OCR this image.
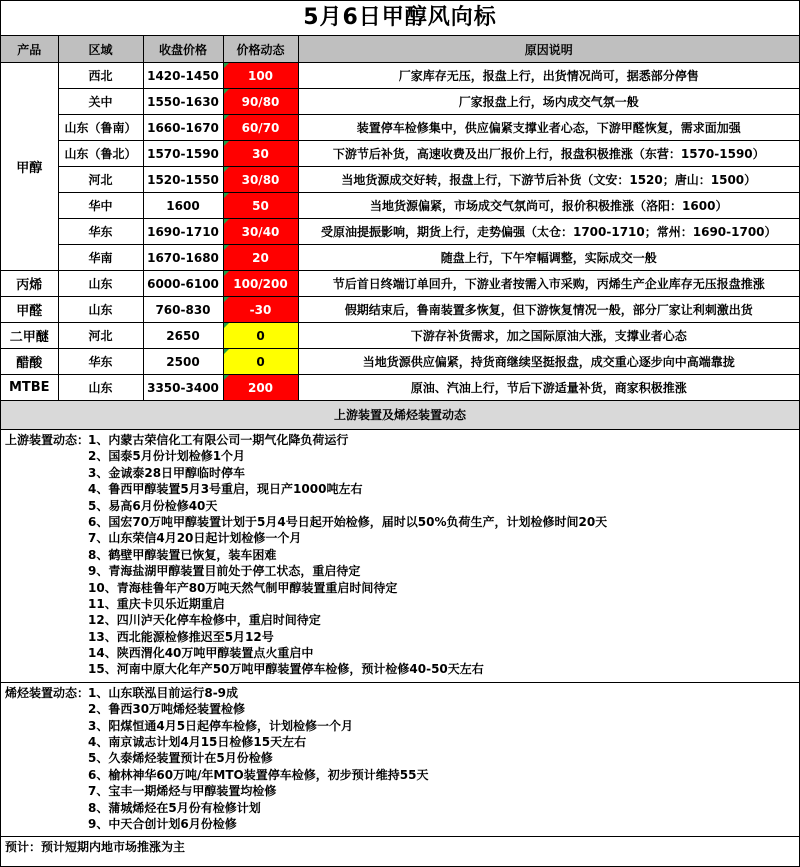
5月6日甲醇风向标
产品	区域	收盘价格	价格动态	原因说明
甲醇	西北	1420-1450	100	厂家库存无压，报盘上行，出货情况尚可，据悉部分停售
	关中	1550-1630	90/80	厂家报盘上行，场内成交气氛一般
	山东（鲁南）	1660-1670	60/70	装置停车检修集中，供应偏紧支撑业者心态，下游甲醛恢复，需求面加强
	山东（鲁北）	1570-1590	30	下游节后补货，高速收费及出厂报价上行，报盘积极推涨（东营：1570-1590）
	河北	1520-1550	30/80	当地货源成交好转，报盘上行，下游节后补货（文安：1520；唐山：1500）
	华中	1600	50	当地货源偏紧，市场成交气氛尚可，报价积极推涨（洛阳：1600）
	华东	1690-1710	30/40	受原油提振影响，期货上行，走势偏强（太仓：1700-1710；常州：1690-1700）
	华南	1670-1680	20	随盘上行，下午窄幅调整，实际成交一般
丙烯	山东	6000-6100	100/200	节后首日终端订单回升，下游业者按需入市采购，丙烯生产企业库存无压报盘推涨
甲醛	山东	760-830	-30	假期结束后，鲁南装置多恢复，但下游恢复情况一般，部分厂家让利刺激出货
二甲醚	河北	2650	0	下游存补货需求，加之国际原油大涨，支撑业者心态
醋酸	华东	2500	0	当地货源供应偏紧，持货商继续坚挺报盘，成交重心逐步向中高端靠拢
MTBE	山东	3350-3400	200	原油、汽油上行，节后下游适量补货，商家积极推涨
上游装置及烯烃装置动态
上游装置动态：
1、内蒙古荣信化工有限公司一期气化降负荷运行
2、国泰5月份计划检修1个月
3、金诚泰28日甲醇临时停车
4、鲁西甲醇装置5月3号重启，现日产1000吨左右
5、易高6月份检修40天
6、国宏70万吨甲醇装置计划于5月4号日起开始检修，届时以50%负荷生产，计划检修时间20天
7、山东荣信4月20日起计划检修一个月
8、鹤壁甲醇装置已恢复，装车困难
9、青海盐湖甲醇装置目前处于停工状态，重启待定
10、青海桂鲁年产80万吨天然气制甲醇装置重启时间待定
11、重庆卡贝乐近期重启
12、四川泸天化停车检修中，重启时间待定
13、西北能源检修推迟至5月12号
14、陕西渭化40万吨甲醇装置点火重启中
15、河南中原大化年产50万吨甲醇装置停车检修，预计检修40-50天左右
烯烃装置动态：
1、山东联泓目前运行8-9成
2、鲁西30万吨烯烃装置检修
3、阳煤恒通4月5日起停车检修，计划检修一个月
4、南京诚志计划4月15日检修15天左右
5、久泰烯烃装置预计在5月份检修
6、榆林神华60万吨/年MTO装置停车检修，初步预计维持55天
7、宝丰一期烯烃与甲醇装置均检修
8、蒲城烯烃在5月份有检修计划
9、中天合创计划6月份检修
预计：预计短期内地市场推涨为主
